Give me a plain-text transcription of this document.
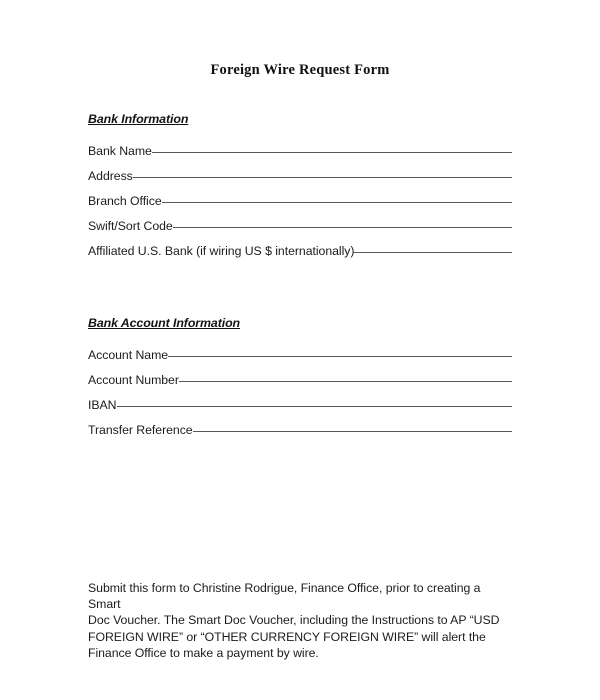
Foreign Wire Request Form
Bank Information
Bank Name
Address
Branch Office
Swift/Sort Code
Affiliated U.S. Bank (if wiring US $ internationally)
Bank Account Information
Account Name
Account Number
IBAN
Transfer Reference
Submit this form to Christine Rodrigue, Finance Office, prior to creating a Smart
Doc Voucher. The Smart Doc Voucher, including the Instructions to AP “USD
FOREIGN WIRE” or “OTHER CURRENCY FOREIGN WIRE” will alert the
Finance Office to make a payment by wire.
